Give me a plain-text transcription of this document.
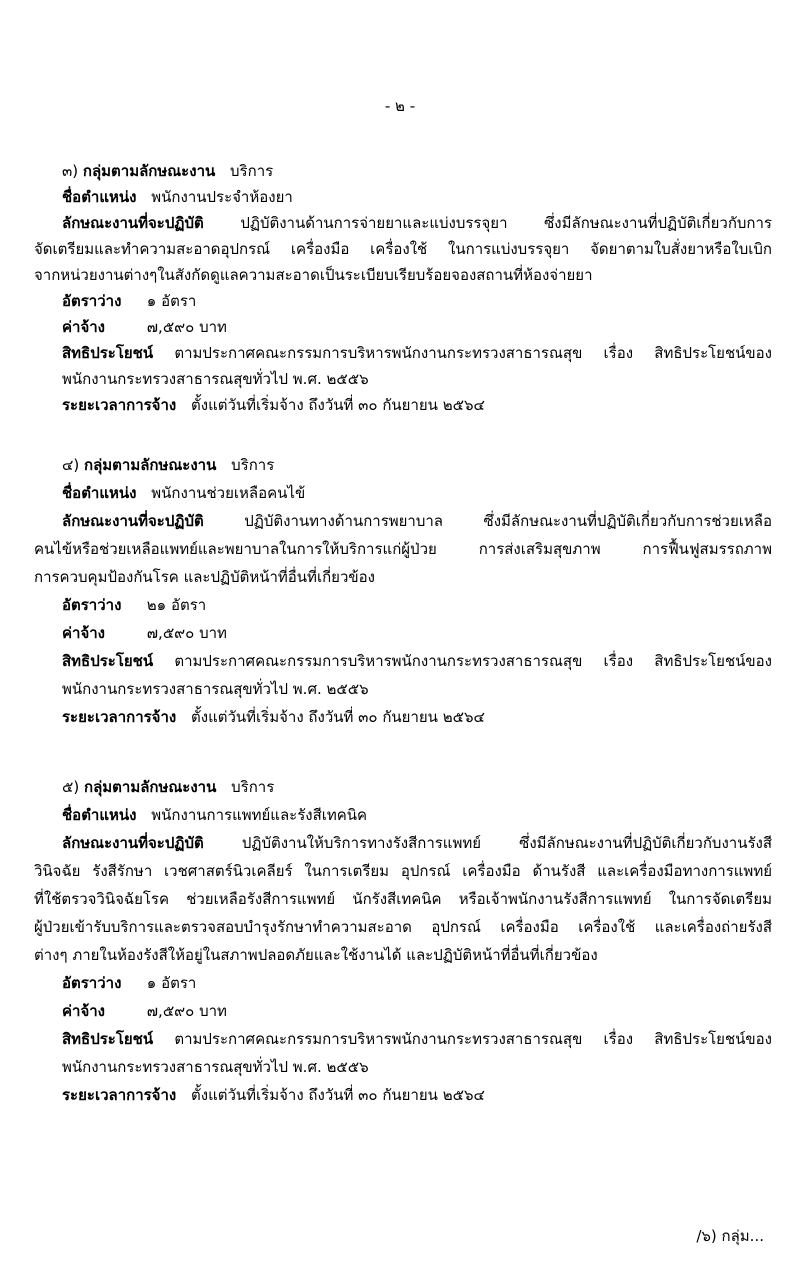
- ๒ -
๓) กลุ่มตามลักษณะงาน บริการ
ชื่อตำแหน่ง พนักงานประจำห้องยา
ลักษณะงานที่จะปฏิบัติ ปฏิบัติงานด้านการจ่ายยาและแบ่งบรรจุยา ซึ่งมีลักษณะงานที่ปฏิบัติเกี่ยวกับการ
จัดเตรียมและทำความสะอาดอุปกรณ์ เครื่องมือ เครื่องใช้ ในการแบ่งบรรจุยา จัดยาตามใบสั่งยาหรือใบเบิก
จากหน่วยงานต่างๆในสังกัดดูแลความสะอาดเป็นระเบียบเรียบร้อยจองสถานที่ห้องจ่ายยา
อัตราว่าง ๑ อัตรา
ค่าจ้าง	๗,๕๙๐ บาท
สิทธิประโยชน์ ตามประกาศคณะกรรมการบริหารพนักงานกระทรวงสาธารณสุข เรื่อง สิทธิประโยชน์ของ
พนักงานกระทรวงสาธารณสุขทั่วไป พ.ศ. ๒๕๕๖
ระยะเวลาการจ้าง ตั้งแต่วันที่เริ่มจ้าง ถึงวันที่ ๓๐ กันยายน ๒๕๖๔
๔) กลุ่มตามลักษณะงาน บริการ
ชื่อตำแหน่ง พนักงานช่วยเหลือคนไข้
ลักษณะงานที่จะปฏิบัติ	ปฏิบัติงานทางด้านการพยาบาล ซึ่งมีลักษณะงานที่ปฏิบัติเกี่ยวกับการช่วยเหลือ
คนไข้หรือช่วยเหลือแพทย์และพยาบาลในการให้บริการแก่ผู้ป่วย การส่งเสริมสุขภาพ การฟื้นฟูสมรรถภาพ
การควบคุมป้องกันโรค และปฏิบัติหน้าที่อื่นที่เกี่ยวข้อง
อัตราว่าง ๒๑ อัตรา
ค่าจ้าง	๗,๕๙๐ บาท
สิทธิประโยชน์ ตามประกาศคณะกรรมการบริหารพนักงานกระทรวงสาธารณสุข เรื่อง สิทธิประโยชน์ของ
พนักงานกระทรวงสาธารณสุขทั่วไป พ.ศ. ๒๕๕๖
ระยะเวลาการจ้าง ตั้งแต่วันที่เริ่มจ้าง ถึงวันที่ ๓๐ กันยายน ๒๕๖๔
๕) กลุ่มตามลักษณะงาน บริการ
ชื่อตำแหน่ง พนักงานการแพทย์และรังสีเทคนิค
ลักษณะงานที่จะปฏิบัติ	ปฏิบัติงานให้บริการทางรังสีการแพทย์ ซึ่งมีลักษณะงานที่ปฏิบัติเกี่ยวกับงานรังสี
วินิจฉัย รังสีรักษา เวชศาสตร์นิวเคลียร์ ในการเตรียม อุปกรณ์ เครื่องมือ ด้านรังสี และเครื่องมือทางการแพทย์
ที่ใช้ตรวจวินิจฉัยโรค ช่วยเหลือรังสีการแพทย์ นักรังสีเทคนิค หรือเจ้าพนักงานรังสีการแพทย์ ในการจัดเตรียม
ผู้ป่วยเข้ารับบริการและตรวจสอบบำรุงรักษาทำความสะอาด อุปกรณ์ เครื่องมือ เครื่องใช้ และเครื่องถ่ายรังสี
ต่างๆ ภายในห้องรังสีให้อยู่ในสภาพปลอดภัยและใช้งานได้ และปฏิบัติหน้าที่อื่นที่เกี่ยวข้อง
อัตราว่าง ๑ อัตรา
ค่าจ้าง	๗,๕๙๐ บาท
สิทธิประโยชน์ ตามประกาศคณะกรรมการบริหารพนักงานกระทรวงสาธารณสุข เรื่อง สิทธิประโยชน์ของ
พนักงานกระทรวงสาธารณสุขทั่วไป พ.ศ. ๒๕๕๖
ระยะเวลาการจ้าง ตั้งแต่วันที่เริ่มจ้าง ถึงวันที่ ๓๐ กันยายน ๒๕๖๔
/๖) กลุ่ม...
